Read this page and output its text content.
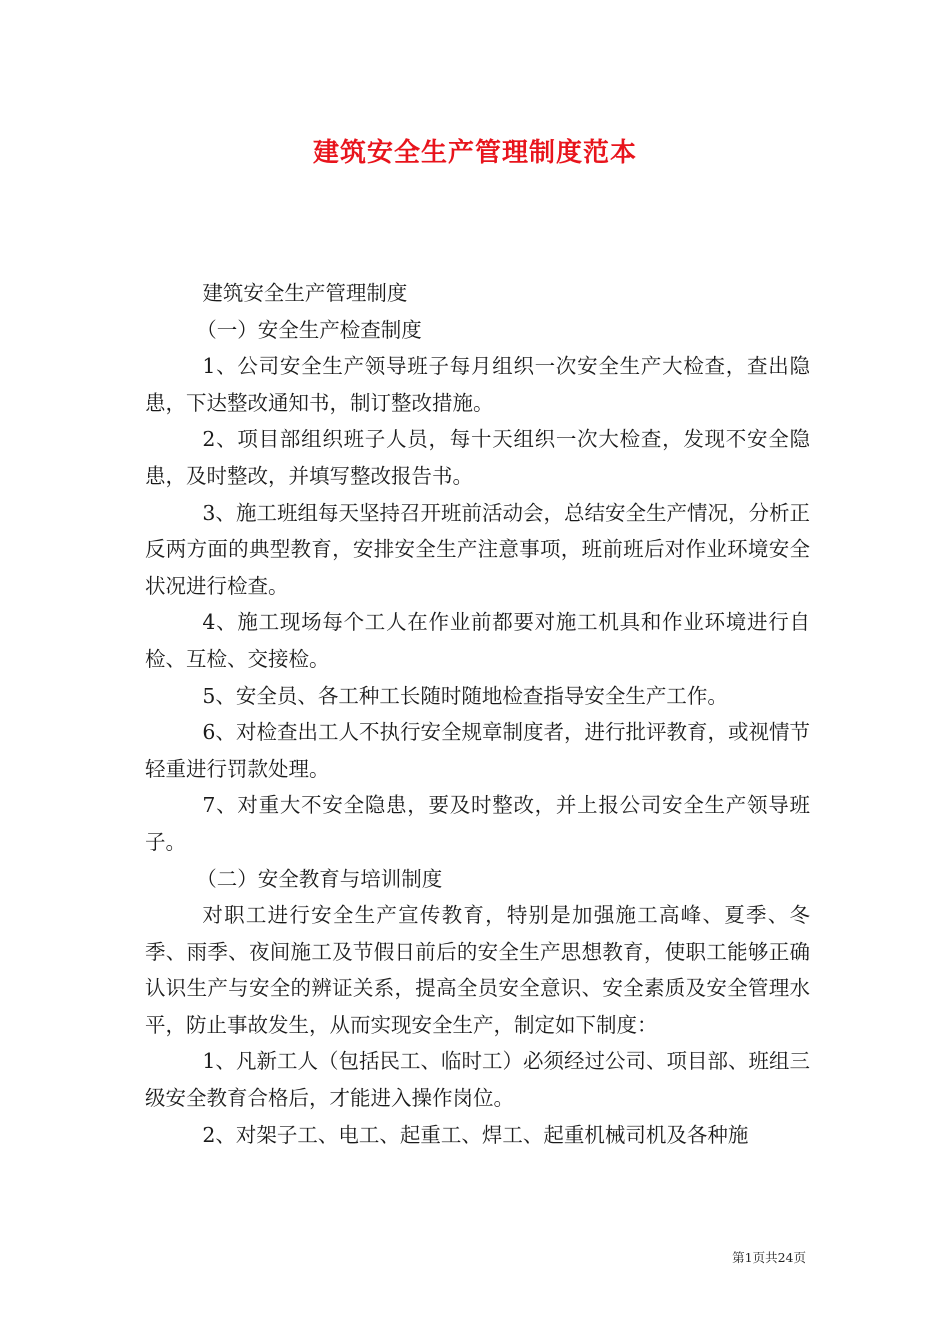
建筑安全生产管理制度范本

建筑安全生产管理制度

（一）安全生产检查制度

1、公司安全生产领导班子每月组织一次安全生产大检查，查出隐患，下达整改通知书，制订整改措施。

2、项目部组织班子人员，每十天组织一次大检查，发现不安全隐患，及时整改，并填写整改报告书。

3、施工班组每天坚持召开班前活动会，总结安全生产情况，分析正反两方面的典型教育，安排安全生产注意事项，班前班后对作业环境安全状况进行检查。

4、施工现场每个工人在作业前都要对施工机具和作业环境进行自检、互检、交接检。

5、安全员、各工种工长随时随地检查指导安全生产工作。

6、对检查出工人不执行安全规章制度者，进行批评教育，或视情节轻重进行罚款处理。

7、对重大不安全隐患，要及时整改，并上报公司安全生产领导班子。

（二）安全教育与培训制度

对职工进行安全生产宣传教育，特别是加强施工高峰、夏季、冬季、雨季、夜间施工及节假日前后的安全生产思想教育，使职工能够正确认识生产与安全的辨证关系，提高全员安全意识、安全素质及安全管理水平，防止事故发生，从而实现安全生产，制定如下制度：

1、凡新工人（包括民工、临时工）必须经过公司、项目部、班组三级安全教育合格后，才能进入操作岗位。

2、对架子工、电工、起重工、焊工、起重机械司机及各种施

第1页共24页
